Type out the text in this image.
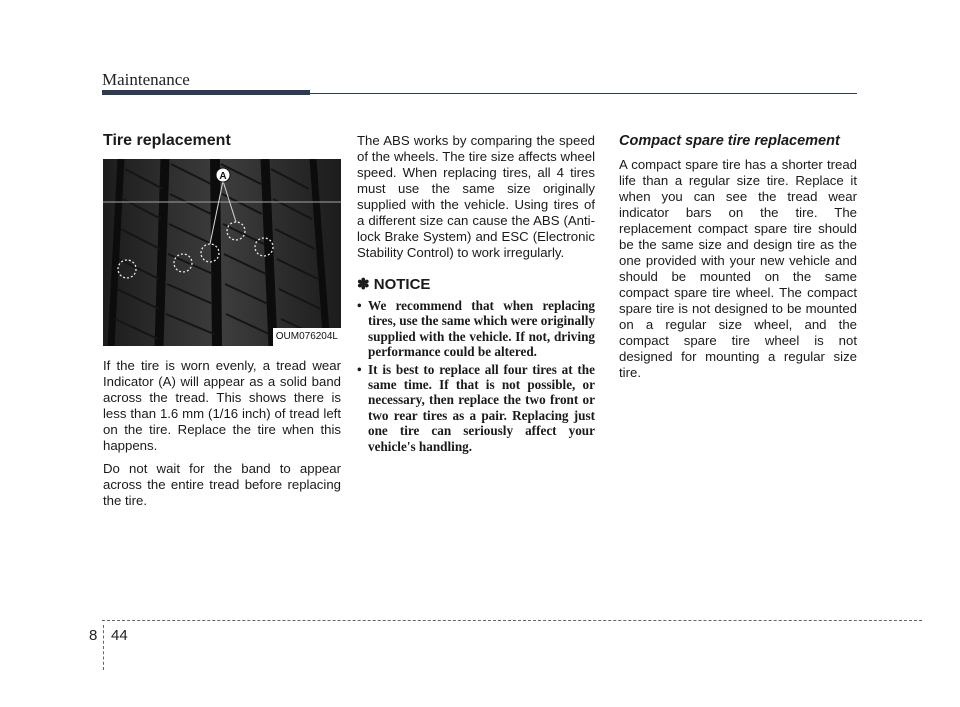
Maintenance
Tire replacement
A
OUM076204L

If the tire is worn evenly, a tread wear Indicator (A) will appear as a solid band across the tread. This shows there is less than 1.6 mm (1/16 inch) of tread left on the tire. Replace the tire when this happens.

Do not wait for the band to appear across the entire tread before replacing the tire.

The ABS works by comparing the speed of the wheels. The tire size affects wheel speed. When replacing tires, all 4 tires must use the same size originally supplied with the vehicle. Using tires of a different size can cause the ABS (Anti-lock Brake System) and ESC (Electronic Stability Control) to work irregularly.

✽ NOTICE
• We recommend that when replacing tires, use the same which were originally supplied with the vehicle. If not, driving performance could be altered.
• It is best to replace all four tires at the same time. If that is not possible, or necessary, then replace the two front or two rear tires as a pair. Replacing just one tire can seriously affect your vehicle's handling.
Compact spare tire replacement

A compact spare tire has a shorter tread life than a regular size tire. Replace it when you can see the tread wear indicator bars on the tire. The replacement compact spare tire should be the same size and design tire as the one provided with your new vehicle and should be mounted on the same compact spare tire wheel. The compact spare tire is not designed to be mounted on a regular size wheel, and the compact spare tire wheel is not designed for mounting a regular size tire.

8 44
